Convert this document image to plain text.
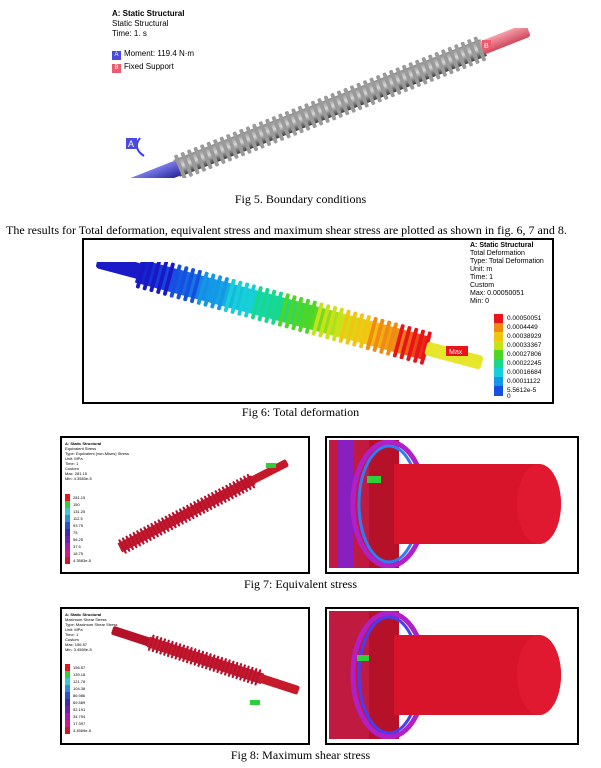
A: Static Structural
Static Structural
Time: 1. s
A Moment: 119.4 N·m
B Fixed Support
A
B
Fig 5. Boundary conditions
The results for Total deformation, equivalent stress and maximum shear stress are plotted as shown in fig. 6, 7 and 8.
Max
A: Static Structural
Total Deformation
Type: Total Deformation
Unit: m
Time: 1
Custom
Max: 0.00050051
Min: 0
0.00050051
0.0004449
0.00038929
0.00033367
0.00027806
0.00022245
0.00016684
0.00011122
5.5612e-5
0
Fig 6: Total deformation
A: Static Structural
Equivalent Stress
Type: Equivalent (von-Mises) Stress
Unit: MPa
Time: 1
Custom
Max: 281.15
Min: 4.3583e-5
281.15
150
131.25
112.5
93.75
75
56.25
37.5
18.75
4.3583e-5
Fig 7: Equivalent stress
A: Static Structural
Maximum Shear Stress
Type: Maximum Shear Stress
Unit: MPa
Time: 1
Custom
Max: 156.57
Min: 3.4569e-5
156.57
139.18
121.78
104.38
86.986
69.589
52.191
34.794
17.397
3.4569e-5
Fig 8: Maximum shear stress
